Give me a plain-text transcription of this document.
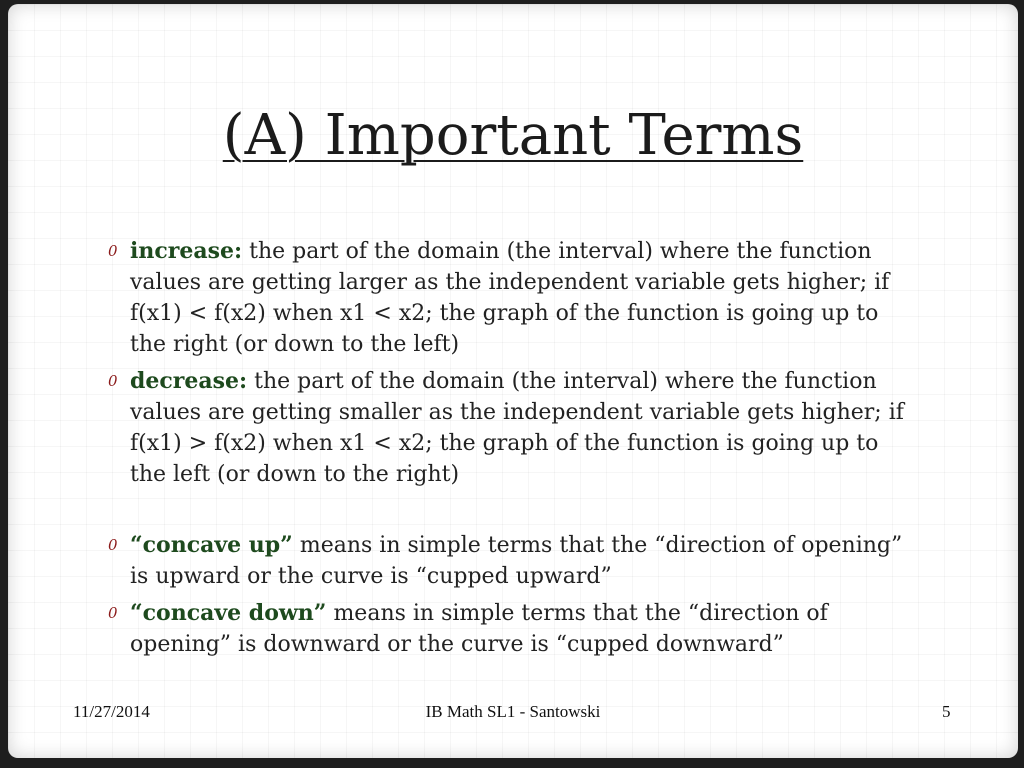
(A) Important Terms
0 increase: the part of the domain (the interval) where the function values are getting larger as the independent variable gets higher; if f(x1) < f(x2) when x1 < x2; the graph of the function is going up to the right (or down to the left)
0 decrease: the part of the domain (the interval) where the function values are getting smaller as the independent variable gets higher; if f(x1) > f(x2) when x1 < x2; the graph of the function is going up to the left (or down to the right)
0 “concave up” means in simple terms that the “direction of opening” is upward or the curve is “cupped upward”
0 “concave down” means in simple terms that the “direction of opening” is downward or the curve is “cupped downward”
11/27/2014	IB Math SL1 - Santowski	5
